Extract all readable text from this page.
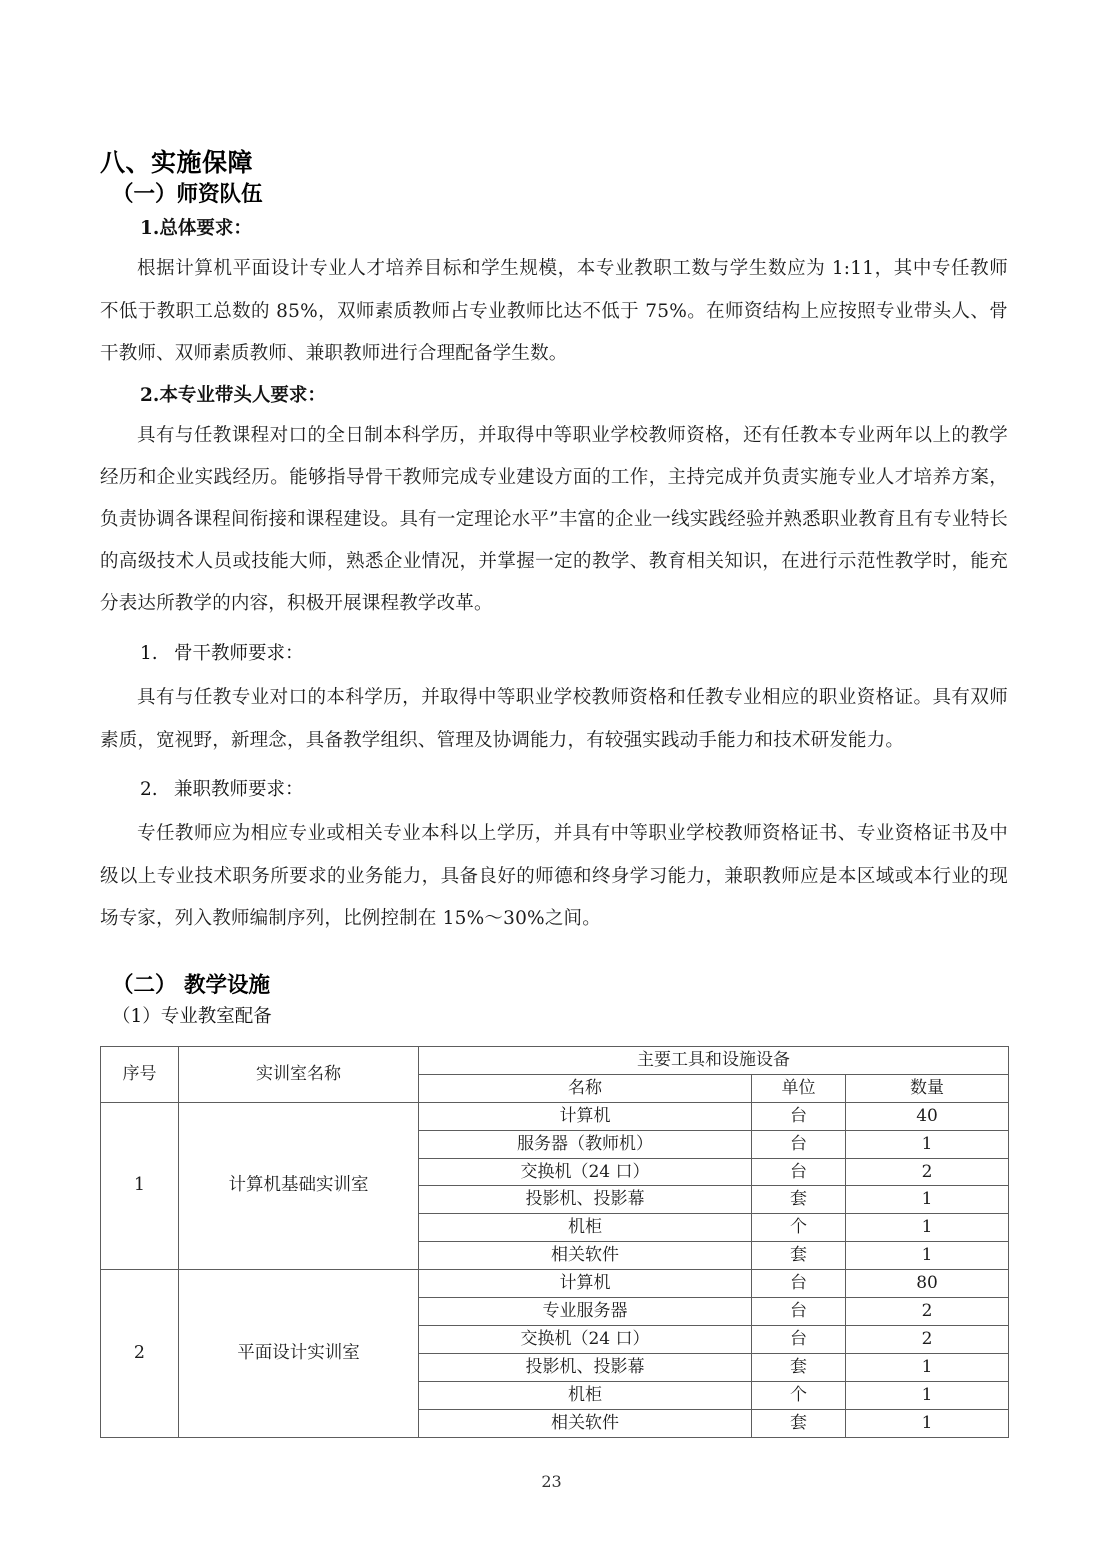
八、实施保障
（一）师资队伍
1.总体要求：

根据计算机平面设计专业人才培养目标和学生规模，本专业教职工数与学生数应为 1:11，其中专任教师不低于教职工总数的 85%，双师素质教师占专业教师比达不低于 75%。在师资结构上应按照专业带头人、骨干教师、双师素质教师、兼职教师进行合理配备学生数。

2.本专业带头人要求：

具有与任教课程对口的全日制本科学历，并取得中等职业学校教师资格，还有任教本专业两年以上的教学经历和企业实践经历。能够指导骨干教师完成专业建设方面的工作，主持完成并负责实施专业人才培养方案，负责协调各课程间衔接和课程建设。具有一定理论水平”丰富的企业一线实践经验并熟悉职业教育且有专业特长的高级技术人员或技能大师，熟悉企业情况，并掌握一定的教学、教育相关知识，在进行示范性教学时，能充分表达所教学的内容，积极开展课程教学改革。

1. 骨干教师要求：

具有与任教专业对口的本科学历，并取得中等职业学校教师资格和任教专业相应的职业资格证。具有双师素质，宽视野，新理念，具备教学组织、管理及协调能力，有较强实践动手能力和技术研发能力。

2. 兼职教师要求：

专任教师应为相应专业或相关专业本科以上学历，并具有中等职业学校教师资格证书、专业资格证书及中级以上专业技术职务所要求的业务能力，具备良好的师德和终身学习能力，兼职教师应是本区域或本行业的现场专家，列入教师编制序列，比例控制在 15%～30%之间。

（二） 教学设施
（1）专业教室配备
序号	实训室名称	主要工具和设施设备		
		名称	单位	数量
1	计算机基础实训室	计算机	台	40
		服务器（教师机）	台	1
		交换机（24 口）	台	2
		投影机、投影幕	套	1
		机柜	个	1
		相关软件	套	1
2	平面设计实训室	计算机	台	80
		专业服务器	台	2
		交换机（24 口）	台	2
		投影机、投影幕	套	1
		机柜	个	1
		相关软件	套	1
23
